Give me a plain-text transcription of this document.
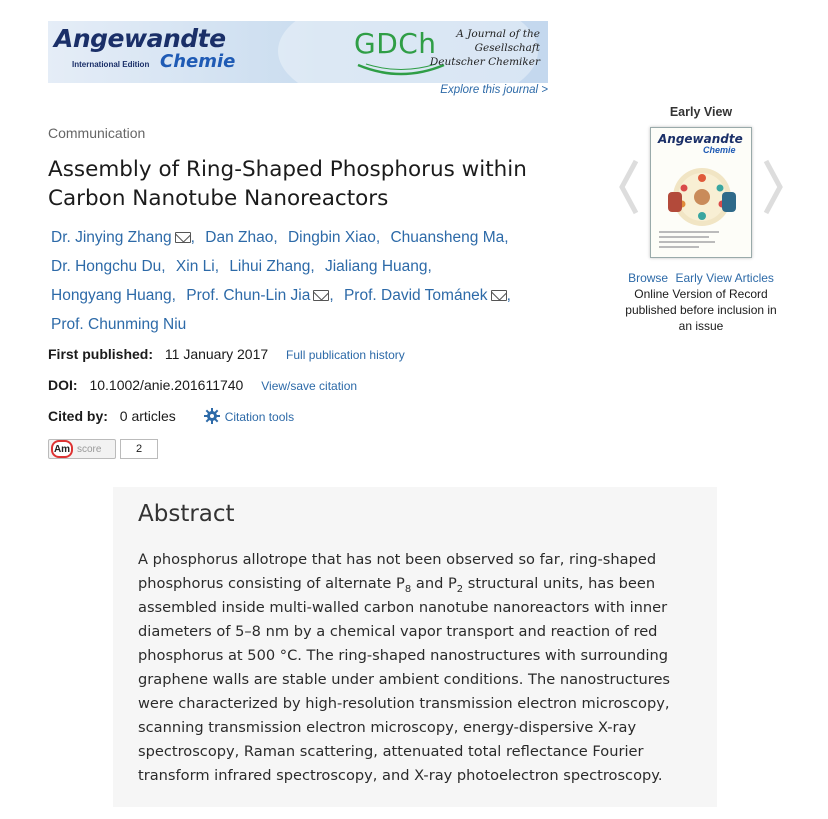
Angewandte
International Edition Chemie
GDCh	A Journal of the
Gesellschaft
Deutscher Chemiker
Explore this journal >
Communication
Assembly of Ring-Shaped Phosphorus within Carbon Nanotube Nanoreactors
Dr. Jinying Zhang , Dan Zhao, Dingbin Xiao, Chuansheng Ma, Dr. Hongchu Du, Xin Li, Lihui Zhang, Jialiang Huang, Hongyang Huang, Prof. Chun-Lin Jia , Prof. David Tománek , Prof. Chunming Niu
First published: 11 January 2017 Full publication history
DOI: 10.1002/anie.201611740 View/save citation
Cited by: 0 articles	Citation tools
Am score	2
Early View
Angewandte
Chemie
Browse Early View Articles
Online Version of Record published before inclusion in an issue
Abstract

A phosphorus allotrope that has not been observed so far, ring-shaped phosphorus consisting of alternate $P_8$ and $P_2$ structural units, has been assembled inside multi-walled carbon nanotube nanoreactors with inner diameters of 5–8 nm by a chemical vapor transport and reaction of red phosphorus at 500 °C. The ring-shaped nanostructures with surrounding graphene walls are stable under ambient conditions. The nanostructures were characterized by high-resolution transmission electron microscopy, scanning transmission electron microscopy, energy-dispersive X-ray spectroscopy, Raman scattering, attenuated total reflectance Fourier transform infrared spectroscopy, and X-ray photoelectron spectroscopy.
